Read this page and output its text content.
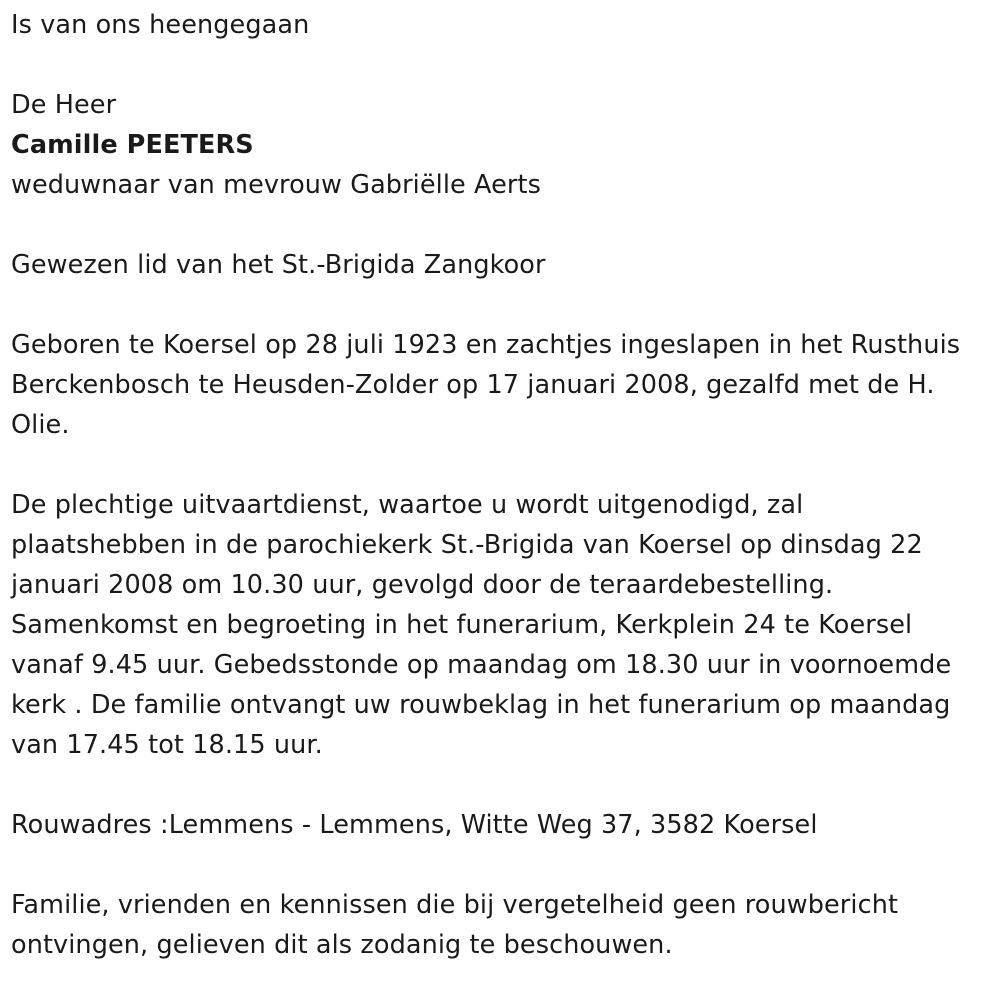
Is van ons heengegaan
De Heer
Camille PEETERS
weduwnaar van mevrouw Gabriëlle Aerts
Gewezen lid van het St.-Brigida Zangkoor
Geboren te Koersel op 28 juli 1923 en zachtjes ingeslapen in het Rusthuis
Berckenbosch te Heusden-Zolder op 17 januari 2008, gezalfd met de H.
Olie.
De plechtige uitvaartdienst, waartoe u wordt uitgenodigd, zal
plaatshebben in de parochiekerk St.-Brigida van Koersel op dinsdag 22
januari 2008 om 10.30 uur, gevolgd door de teraardebestelling.
Samenkomst en begroeting in het funerarium, Kerkplein 24 te Koersel
vanaf 9.45 uur. Gebedsstonde op maandag om 18.30 uur in voornoemde
kerk . De familie ontvangt uw rouwbeklag in het funerarium op maandag
van 17.45 tot 18.15 uur.
Rouwadres :Lemmens - Lemmens, Witte Weg 37, 3582 Koersel
Familie, vrienden en kennissen die bij vergetelheid geen rouwbericht
ontvingen, gelieven dit als zodanig te beschouwen.
